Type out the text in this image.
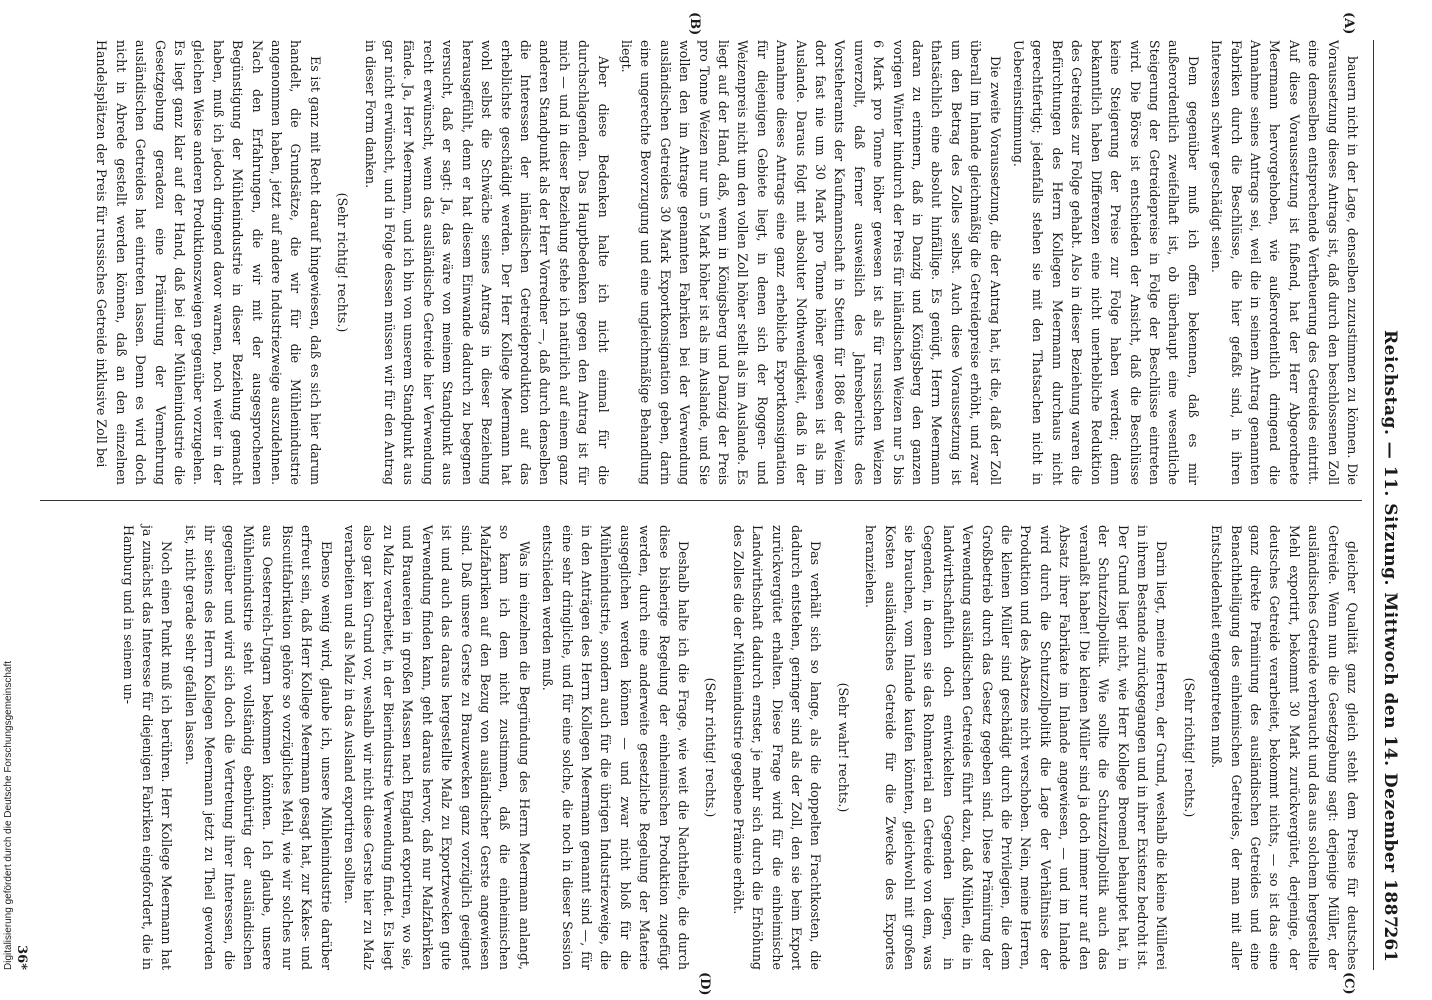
Reichstag. — 11. Sitzung. Mittwoch den 14. Dezember 1887.
261
(A)
(B)
(C)
(D)

bauern nicht in der Lage, denselben zuzustimmen zu können. Die Voraussetzung dieses Antrags ist, daß durch den beschlossenen Zoll eine demselben entsprechende Vertheuerung des Getreides eintritt. Auf diese Voraussetzung ist fußend, hat der Herr Abgeordnete Meermann hervorgehoben, wie außerordentlich dringend die Annahme seines Antrags sei, weil die in seinem Antrag genannten Fabriken durch die Beschlüsse, die hier gefaßt sind, in ihren Interessen schwer geschädigt seien.

Dem gegenüber muß ich offen bekennen, daß es mir außerordentlich zweifelhaft ist, ob überhaupt eine wesentliche Steigerung der Getreidepreise in Folge der Beschlüsse eintreten wird. Die Börse ist entschieden der Ansicht, daß die Beschlüsse keine Steigerung der Preise zur Folge haben werden; denn bekanntlich haben Differenzen eine nicht unerhebliche Reduktion des Getreides zur Folge gehabt. Also in dieser Beziehung waren die Befürchtungen des Herrn Kollegen Meermann durchaus nicht gerechtfertigt; jedenfalls stehen sie mit den Thatsachen nicht in Uebereinstimmung.

Die zweite Voraussetzung, die der Antrag hat, ist die, daß der Zoll überall im Inlande gleichmäßig die Getreidepreise erhöht, und zwar um den Betrag des Zolles selbst. Auch diese Voraussetzung ist thatsächlich eine absolut hinfällige. Es genügt, Herrn Meermann daran zu erinnern, daß in Danzig und Königsberg den ganzen vorigen Winter hindurch der Preis für inländischen Weizen nur 5 bis 6 Mark pro Tonne höher gewesen ist als für russischen Weizen unverzollt, daß ferner ausweislich des Jahresberichts des Vorsteheramts der Kaufmannschaft in Stettin für 1886 der Weizen dort fast nie um 30 Mark pro Tonne höher gewesen ist als im Auslande. Daraus folgt mit absoluter Nothwendigkeit, daß in der Annahme dieses Antrags eine ganz erhebliche Exportkonsignation für diejenigen Gebiete liegt, in denen sich der Roggen- und Weizenpreis nicht um den vollen Zoll höher stellt als im Auslande. Es liegt auf der Hand, daß, wenn in Königsberg und Danzig der Preis pro Tonne Weizen nur um 5 Mark höher ist als im Auslande, und Sie wollen den im Antrage genannten Fabriken bei der Verwendung ausländischen Getreides 30 Mark Exportkonsignation geben, darin eine ungerechte Bevorzugung und eine ungleichmäßige Behandlung liegt.

Aber diese Bedenken halte ich nicht einmal für die durchschlagenden. Das Hauptbedenken gegen den Antrag ist für mich — und in dieser Beziehung stehe ich natürlich auf einem ganz anderen Standpunkt als der Herr Vorredner —, daß durch denselben die Interessen der inländischen Getreideproduktion auf das erheblichste geschädigt werden. Der Herr Kollege Meermann hat wohl selbst die Schwäche seines Antrags in dieser Beziehung herausgefühlt, denn er hat diesem Einwande dadurch zu begegnen versucht, daß er sagt: Ja, das wäre von meinem Standpunkt aus recht erwünscht, wenn das ausländische Getreide hier Verwendung fände. Ja, Herr Meermann, und ich bin von unserem Standpunkt aus gar nicht erwünscht, und in Folge dessen müssen wir für den Antrag in dieser Form danken.

(Sehr richtig! rechts.)

Es ist ganz mit Recht darauf hingewiesen, daß es sich hier darum handelt, die Grundsätze, die wir für die Mühlenindustrie angenommen haben, jetzt auf andere Industriezweige auszudehnen. Nach den Erfahrungen, die wir mit der ausgesprochenen Begünstigung der Mühlenindustrie in dieser Beziehung gemacht haben, muß ich jedoch dringend davor warnen, noch weiter in der gleichen Weise anderen Produktionszweigen gegenüber vorzugehen. Es liegt ganz klar auf der Hand, daß bei der Mühlenindustrie die Gesetzgebung geradezu eine Prämiirung der Vermehrung ausländischen Getreides hat eintreten lassen. Denn es wird doch nicht in Abrede gestellt werden können, daß an den einzelnen Handelsplätzen der Preis für russisches Getreide inklusive Zoll bei

gleicher Qualität ganz gleich steht dem Preise für deutsches Getreide. Wenn nun die Gesetzgebung sagt: derjenige Müller, der ausländisches Getreide verbraucht und das aus solchem hergestellte Mehl exportirt, bekommt 30 Mark zurückvergütet, derjenige, der deutsches Getreide verarbeitet, bekommt nichts, — so ist das eine ganz direkte Prämiirung des ausländischen Getreides und eine Benachtheiligung des einheimischen Getreides, der man mit aller Entschiedenheit entgegentreten muß.

(Sehr richtig! rechts.)

Darin liegt, meine Herren, der Grund, weshalb die kleine Müllerei in ihrem Bestande zurückgegangen und in ihrer Existenz bedroht ist. Der Grund liegt nicht, wie Herr Kollege Broemel behauptet hat, in der Schutzzollpolitik. Wie sollte die Schutzzollpolitik auch das veranlaßt haben! Die kleinen Müller sind ja doch immer nur auf den Absatz ihrer Fabrikate im Inlande angewiesen, — und im Inlande wird durch die Schutzzollpolitik die Lage der Verhältnisse der Produktion und des Absatzes nicht verschoben. Nein, meine Herren, die kleinen Müller sind geschädigt durch die Privilegien, die dem Großbetrieb durch das Gesetz gegeben sind. Diese Prämiirung der Verwendung ausländischen Getreides führt dazu, daß Mühlen, die in landwirthschaftlich doch entwickelten Gegenden liegen, in Gegenden, in denen sie das Rohmaterial an Getreide von dem, was sie brauchen, vom Inlande kaufen könnten, gleichwohl mit großen Kosten ausländisches Getreide für die Zwecke des Exportes heranziehen.

(Sehr wahr! rechts.)

Das verhält sich so lange, als die doppelten Frachtkosten, die dadurch entstehen, geringer sind als der Zoll, den sie beim Export zurückvergütet erhalten. Diese Frage wird für die einheimische Landwirthschaft dadurch ernster, je mehr sich durch die Erhöhung des Zolles die der Mühlenindustrie gegebene Prämie erhöht.

(Sehr richtig! rechts.)

Deshalb halte ich die Frage, wie weit die Nachtheile, die durch diese bisherige Regelung der einheimischen Produktion zugefügt werden, durch eine anderweite gesetzliche Regelung der Materie ausgeglichen werden können — und zwar nicht bloß für die Mühlenindustrie, sondern auch für die übrigen Industriezweige, die in den Anträgen des Herrn Kollegen Meermann genannt sind —, für eine sehr dringliche, und für eine solche, die noch in dieser Session entschieden werden muß.

Was im einzelnen die Begründung des Herrn Meermann anlangt, so kann ich dem nicht zustimmen, daß die einheimischen Malzfabriken auf den Bezug von ausländischer Gerste angewiesen sind. Daß unsere Gerste zu Brauzwecken ganz vorzüglich geeignet ist und auch das daraus hergestellte Malz zu Exportzwecken gute Verwendung finden kann, geht daraus hervor, daß nur Malzfabriken und Brauereien in großen Massen nach England exportiren, wo sie, zu Malz verarbeitet, in der Bierindustrie Verwendung findet. Es liegt also gar kein Grund vor, weshalb wir nicht diese Gerste hier zu Malz verarbeiten und als Malz in das Ausland exportiren sollten.

Ebenso wenig wird, glaube ich, unsere Mühlenindustrie darüber erfreut sein, daß Herr Kollege Meermann gesagt hat, zur Kakes- und Biscuitfabrikation gehöre so vorzügliches Mehl, wie wir solches nur aus Oesterreich-Ungarn bekommen könnten. Ich glaube, unsere Mühlenindustrie steht vollständig ebenbürtig der ausländischen gegenüber und wird sich doch die Vertretung ihrer Interessen, die ihr seitens des Herrn Kollegen Meermann jetzt zu Theil geworden ist, nicht gerade sehr gefallen lassen.

Noch einen Punkt muß ich berühren. Herr Kollege Meermann hat ja zunächst das Interesse für diejenigen Fabriken eingefordert, die in Hamburg und in seinem un-

36*
Digitalisierung gefördert durch die Deutsche Forschungsgemeinschaft
